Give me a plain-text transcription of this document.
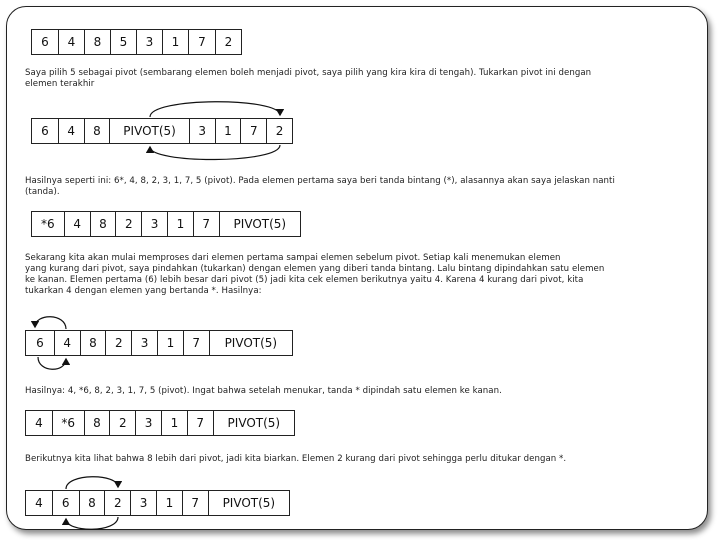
6	4	8	5	3	1	7	2
Saya pilih 5 sebagai pivot (sembarang elemen boleh menjadi pivot, saya pilih yang kira kira di tengah). Tukarkan pivot ini dengan
elemen terakhir
6	4	8	PIVOT(5)	3	1	7	2
Hasilnya seperti ini: 6*, 4, 8, 2, 3, 1, 7, 5 (pivot). Pada elemen pertama saya beri tanda bintang (*), alasannya akan saya jelaskan nanti
(tanda).
*6	4	8	2	3	1	7	PIVOT(5)
Sekarang kita akan mulai memproses dari elemen pertama sampai elemen sebelum pivot. Setiap kali menemukan elemen
yang kurang dari pivot, saya pindahkan (tukarkan) dengan elemen yang diberi tanda bintang. Lalu bintang dipindahkan satu elemen
ke kanan. Elemen pertama (6) lebih besar dari pivot (5) jadi kita cek elemen berikutnya yaitu 4. Karena 4 kurang dari pivot, kita
tukarkan 4 dengan elemen yang bertanda *. Hasilnya:
6	4	8	2	3	1	7	PIVOT(5)
Hasilnya: 4, *6, 8, 2, 3, 1, 7, 5 (pivot). Ingat bahwa setelah menukar, tanda * dipindah satu elemen ke kanan.
4	*6	8	2	3	1	7	PIVOT(5)
Berikutnya kita lihat bahwa 8 lebih dari pivot, jadi kita biarkan. Elemen 2 kurang dari pivot sehingga perlu ditukar dengan *.
4	6	8	2	3	1	7	PIVOT(5)
